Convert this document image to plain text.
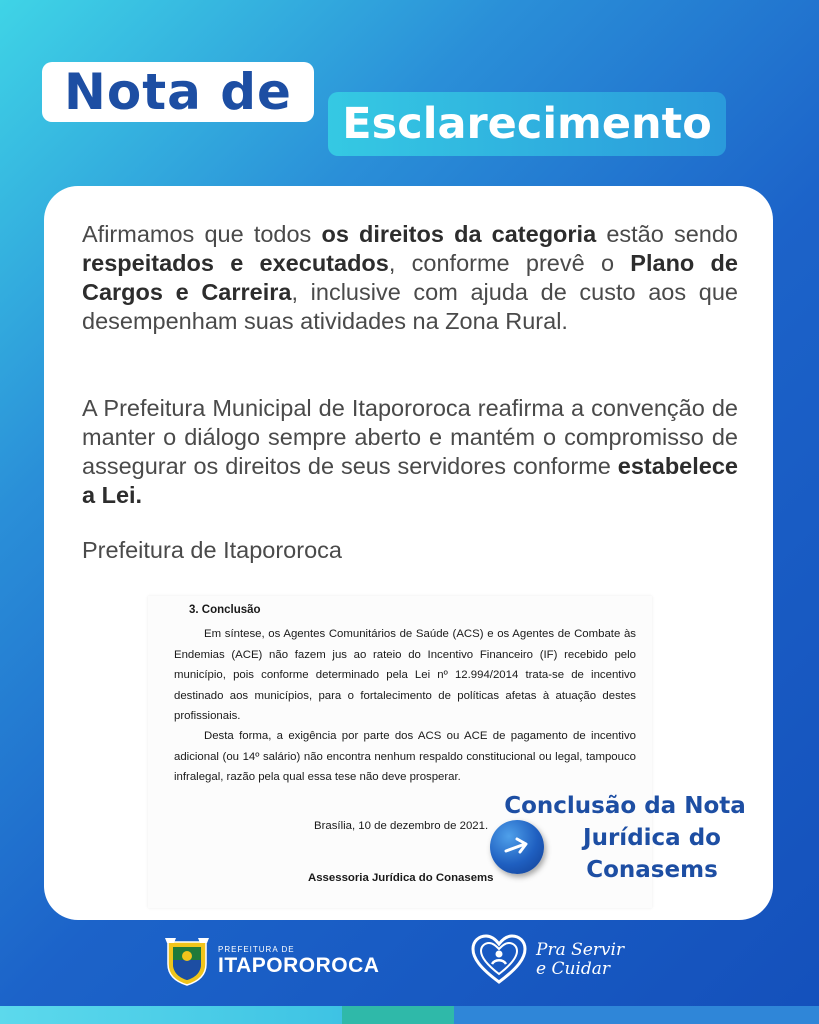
Nota de
Esclarecimento

Afirmamos que todos os direitos da categoria estão sendo respeitados e executados, conforme prevê o Plano de Cargos e Carreira, inclusive com ajuda de custo aos que desempenham suas atividades na Zona Rural.

A Prefeitura Municipal de Itapororoca reafirma a convenção de manter o diálogo sempre aberto e mantém o compromisso de assegurar os direitos de seus servidores conforme estabelece a Lei.

Prefeitura de Itapororoca

3. Conclusão

Em síntese, os Agentes Comunitários de Saúde (ACS) e os Agentes de Combate às Endemias (ACE) não fazem jus ao rateio do Incentivo Financeiro (IF) recebido pelo município, pois conforme determinado pela Lei nº 12.994/2014 trata-se de incentivo destinado aos municípios, para o fortalecimento de políticas afetas à atuação destes profissionais.

Desta forma, a exigência por parte dos ACS ou ACE de pagamento de incentivo adicional (ou 14º salário) não encontra nenhum respaldo constitucional ou legal, tampouco infralegal, razão pela qual essa tese não deve prosperar.

Brasília, 10 de dezembro de 2021.
Assessoria Jurídica do Conasems
Conclusão da Nota
Jurídica do
Conasems
PREFEITURA DE
ITAPOROROCA
Pra Servir
e Cuidar
